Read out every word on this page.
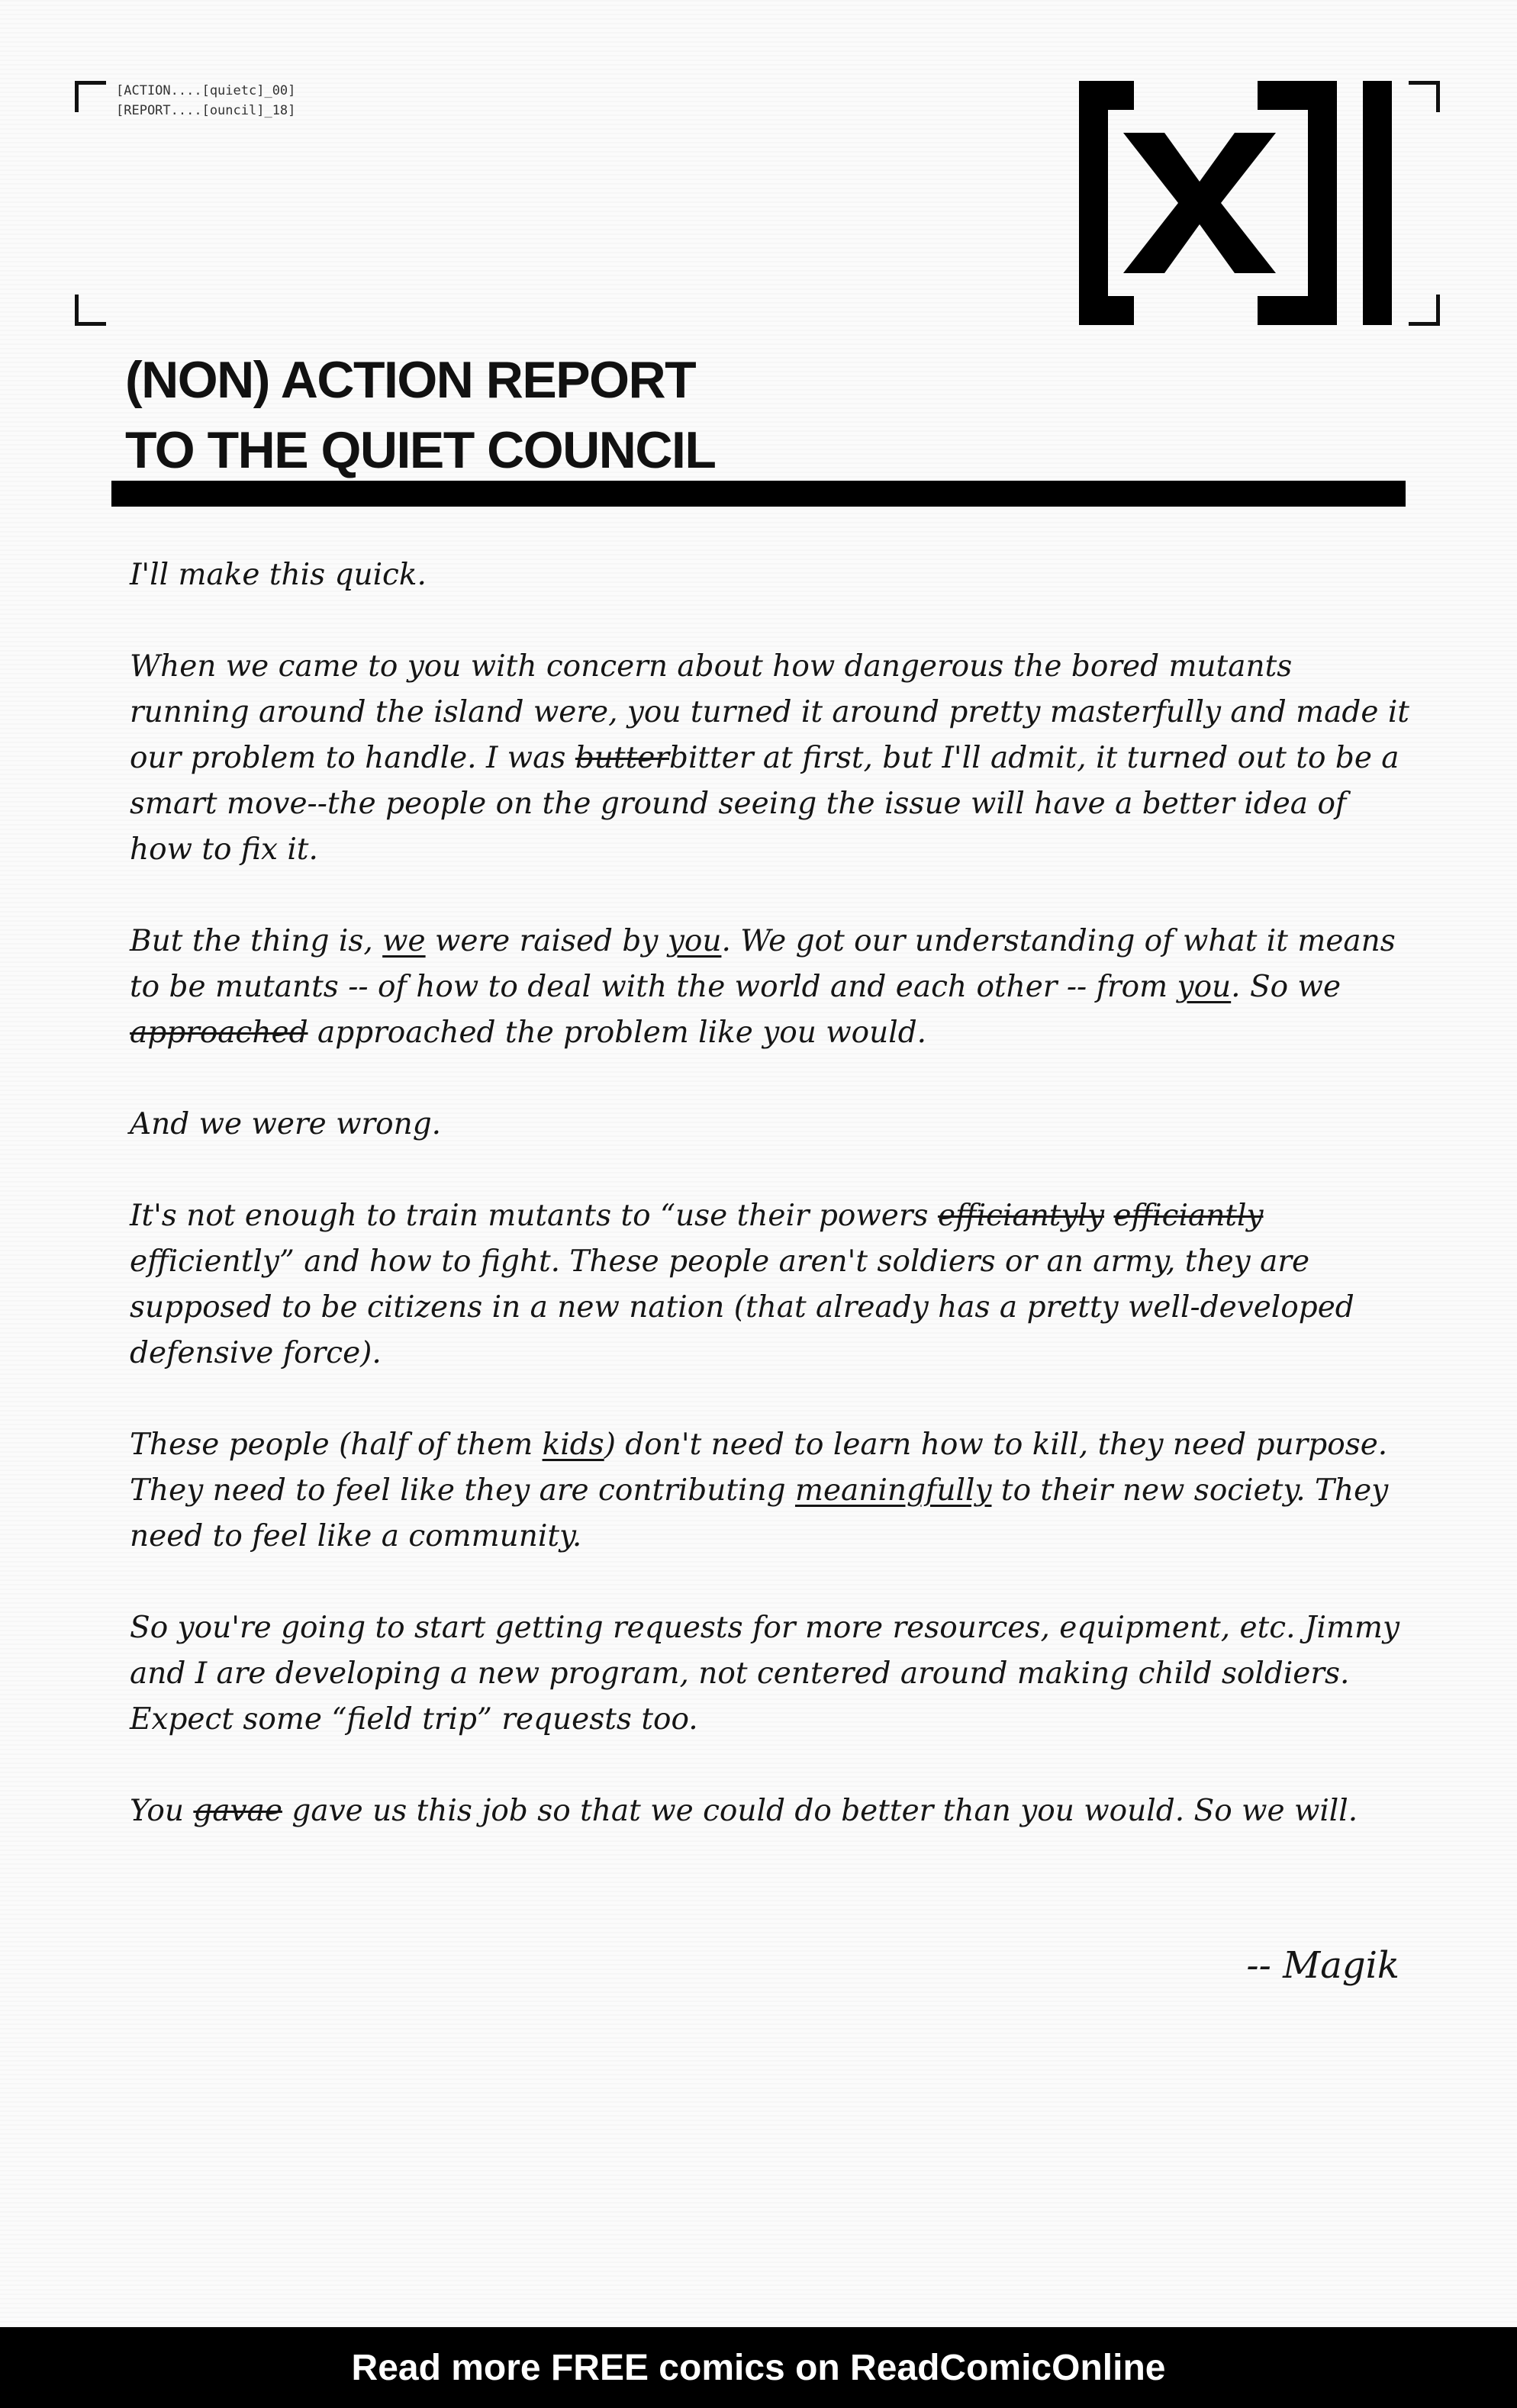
[ACTION....[quietc]_00]
[REPORT....[ouncil]_18]
(NON) ACTION REPORT
TO THE QUIET COUNCIL

I'll make this quick.

When we came to you with concern about how dangerous the bored mutants running around the island were, you turned it around pretty masterfully and made it our problem to handle. I was butterbitter at first, but I'll admit, it turned out to be a smart move--the people on the ground seeing the issue will have a better idea of how to fix it.

But the thing is, we were raised by you. We got our understanding of what it means to be mutants -- of how to deal with the world and each other -- from you. So we approached approached the problem like you would.

And we were wrong.

It's not enough to train mutants to “use their powers efficiantyly efficiantly efficiently” and how to fight. These people aren't soldiers or an army, they are supposed to be citizens in a new nation (that already has a pretty well-developed defensive force).

These people (half of them kids) don't need to learn how to kill, they need purpose. They need to feel like they are contributing meaningfully to their new society. They need to feel like a community.

So you're going to start getting requests for more resources, equipment, etc. Jimmy and I are developing a new program, not centered around making child soldiers. Expect some “field trip” requests too.

You gavae gave us this job so that we could do better than you would. So we will.

-- Magik
Read more FREE comics on ReadComicOnline
